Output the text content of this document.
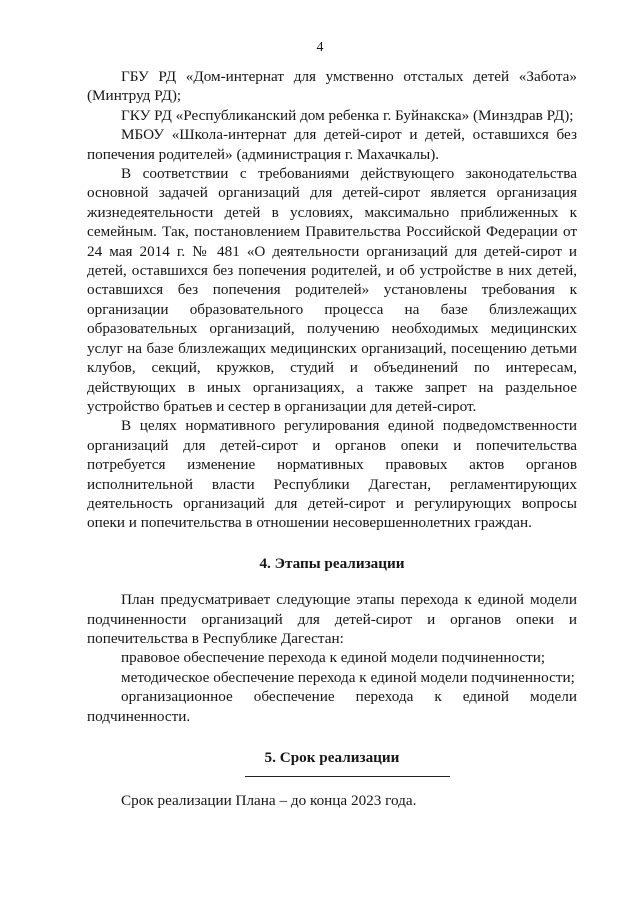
4

ГБУ РД «Дом-интернат для умственно отсталых детей «Забота» (Минтруд РД);

ГКУ РД «Республиканский дом ребенка г. Буйнакска» (Минздрав РД);

МБОУ «Школа-интернат для детей-сирот и детей, оставшихся без попечения родителей» (администрация г. Махачкалы).

В соответствии с требованиями действующего законодательства основной задачей организаций для детей-сирот является организация жизнедеятельности детей в условиях, максимально приближенных к семейным. Так, постановлением Правительства Российской Федерации от 24 мая 2014 г. № 481 «О деятельности организаций для детей-сирот и детей, оставшихся без попечения родителей, и об устройстве в них детей, оставшихся без попечения родителей» установлены требования к организации образовательного процесса на базе близлежащих образовательных организаций, получению необходимых медицинских услуг на базе близлежащих медицинских организаций, посещению детьми клубов, секций, кружков, студий и объединений по интересам, действующих в иных организациях, а также запрет на раздельное устройство братьев и сестер в организации для детей-сирот.

В целях нормативного регулирования единой подведомственности организаций для детей-сирот и органов опеки и попечительства потребуется изменение нормативных правовых актов органов исполнительной власти Республики Дагестан, регламентирующих деятельность организаций для детей-сирот и регулирующих вопросы опеки и попечительства в отношении несовершеннолетних граждан.

4. Этапы реализации

План предусматривает следующие этапы перехода к единой модели подчиненности организаций для детей-сирот и органов опеки и попечительства в Республике Дагестан:

правовое обеспечение перехода к единой модели подчиненности;

методическое обеспечение перехода к единой модели подчиненности;

организационное обеспечение перехода к единой модели подчиненности.

5. Срок реализации

Срок реализации Плана – до конца 2023 года.
